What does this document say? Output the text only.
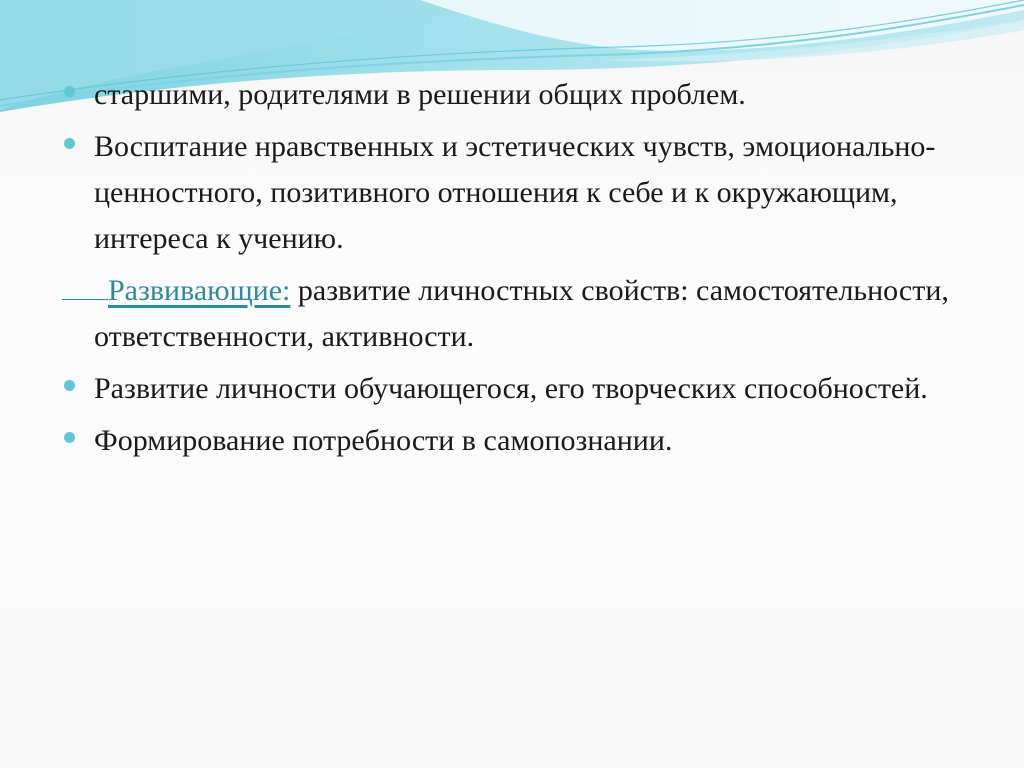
старшими, родителями в решении общих проблем.
Воспитание нравственных и эстетических чувств, эмоционально-ценностного, позитивного отношения к себе и к окружающим, интереса к учению.
Развивающие: развитие личностных свойств: самостоятельности, ответственности, активности.
Развитие личности обучающегося, его творческих способностей.
Формирование потребности в самопознании.
